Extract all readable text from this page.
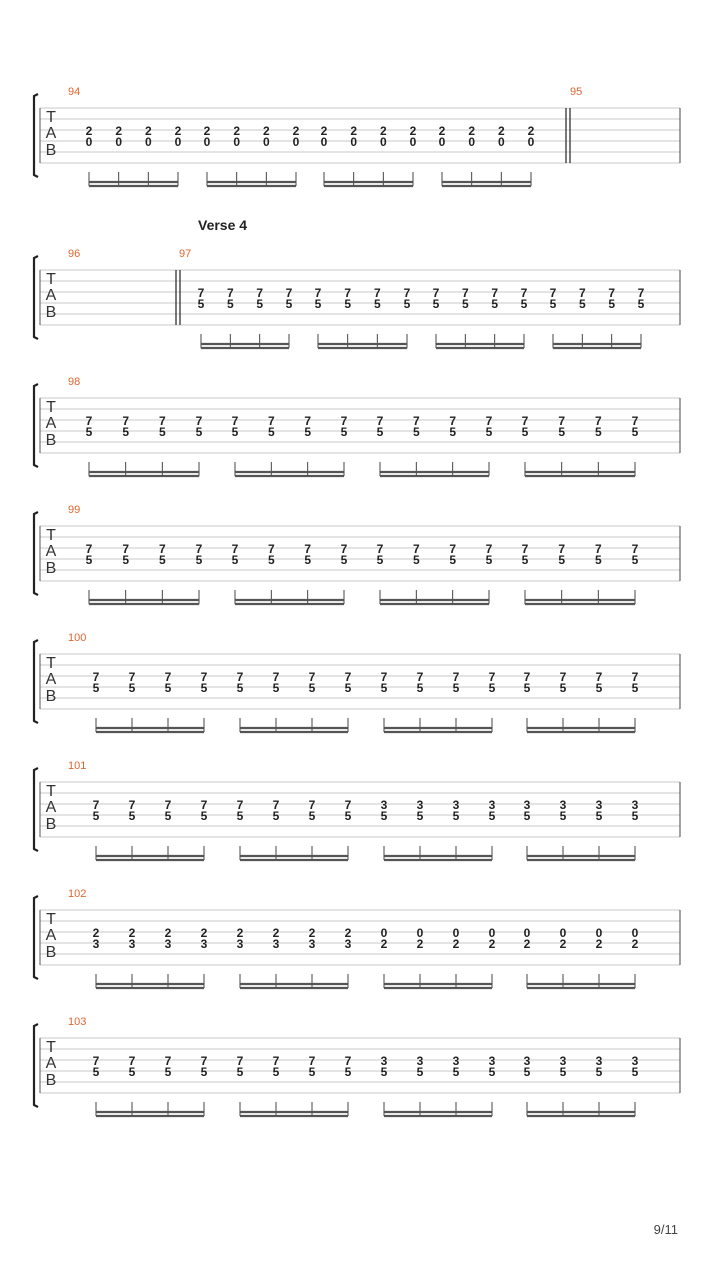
T
A
B
94	95
2
0
2
0
2
0
2
0
2
0
2
0
2
0
2
0
2
0
2
0
2
0
2
0
2
0
2
0
2
0
2
0
T
A
B
96	97
7
5
7
5
7
5
7
5
7
5
7
5
7
5
7
5
7
5
7
5
7
5
7
5
7
5
7
5
7
5
7
5
T
A
B
98
7
5
7
5
7
5
7
5
7
5
7
5
7
5
7
5
7
5
7
5
7
5
7
5
7
5
7
5
7
5
7
5
T
A
B
99
7
5
7
5
7
5
7
5
7
5
7
5
7
5
7
5
7
5
7
5
7
5
7
5
7
5
7
5
7
5
7
5
T
A
B
100
7
5
7
5
7
5
7
5
7
5
7
5
7
5
7
5
7
5
7
5
7
5
7
5
7
5
7
5
7
5
7
5
T
A
B
101
7
5
7
5
7
5
7
5
7
5
7
5
7
5
7
5
3
5
3
5
3
5
3
5
3
5
3
5
3
5
3
5
T
A
B
102
2
3
2
3
2
3
2
3
2
3
2
3
2
3
2
3
0
2
0
2
0
2
0
2
0
2
0
2
0
2
0
2
T
A
B
103
7
5
7
5
7
5
7
5
7
5
7
5
7
5
7
5
3
5
3
5
3
5
3
5
3
5
3
5
3
5
3
5
Verse 4
9/11
